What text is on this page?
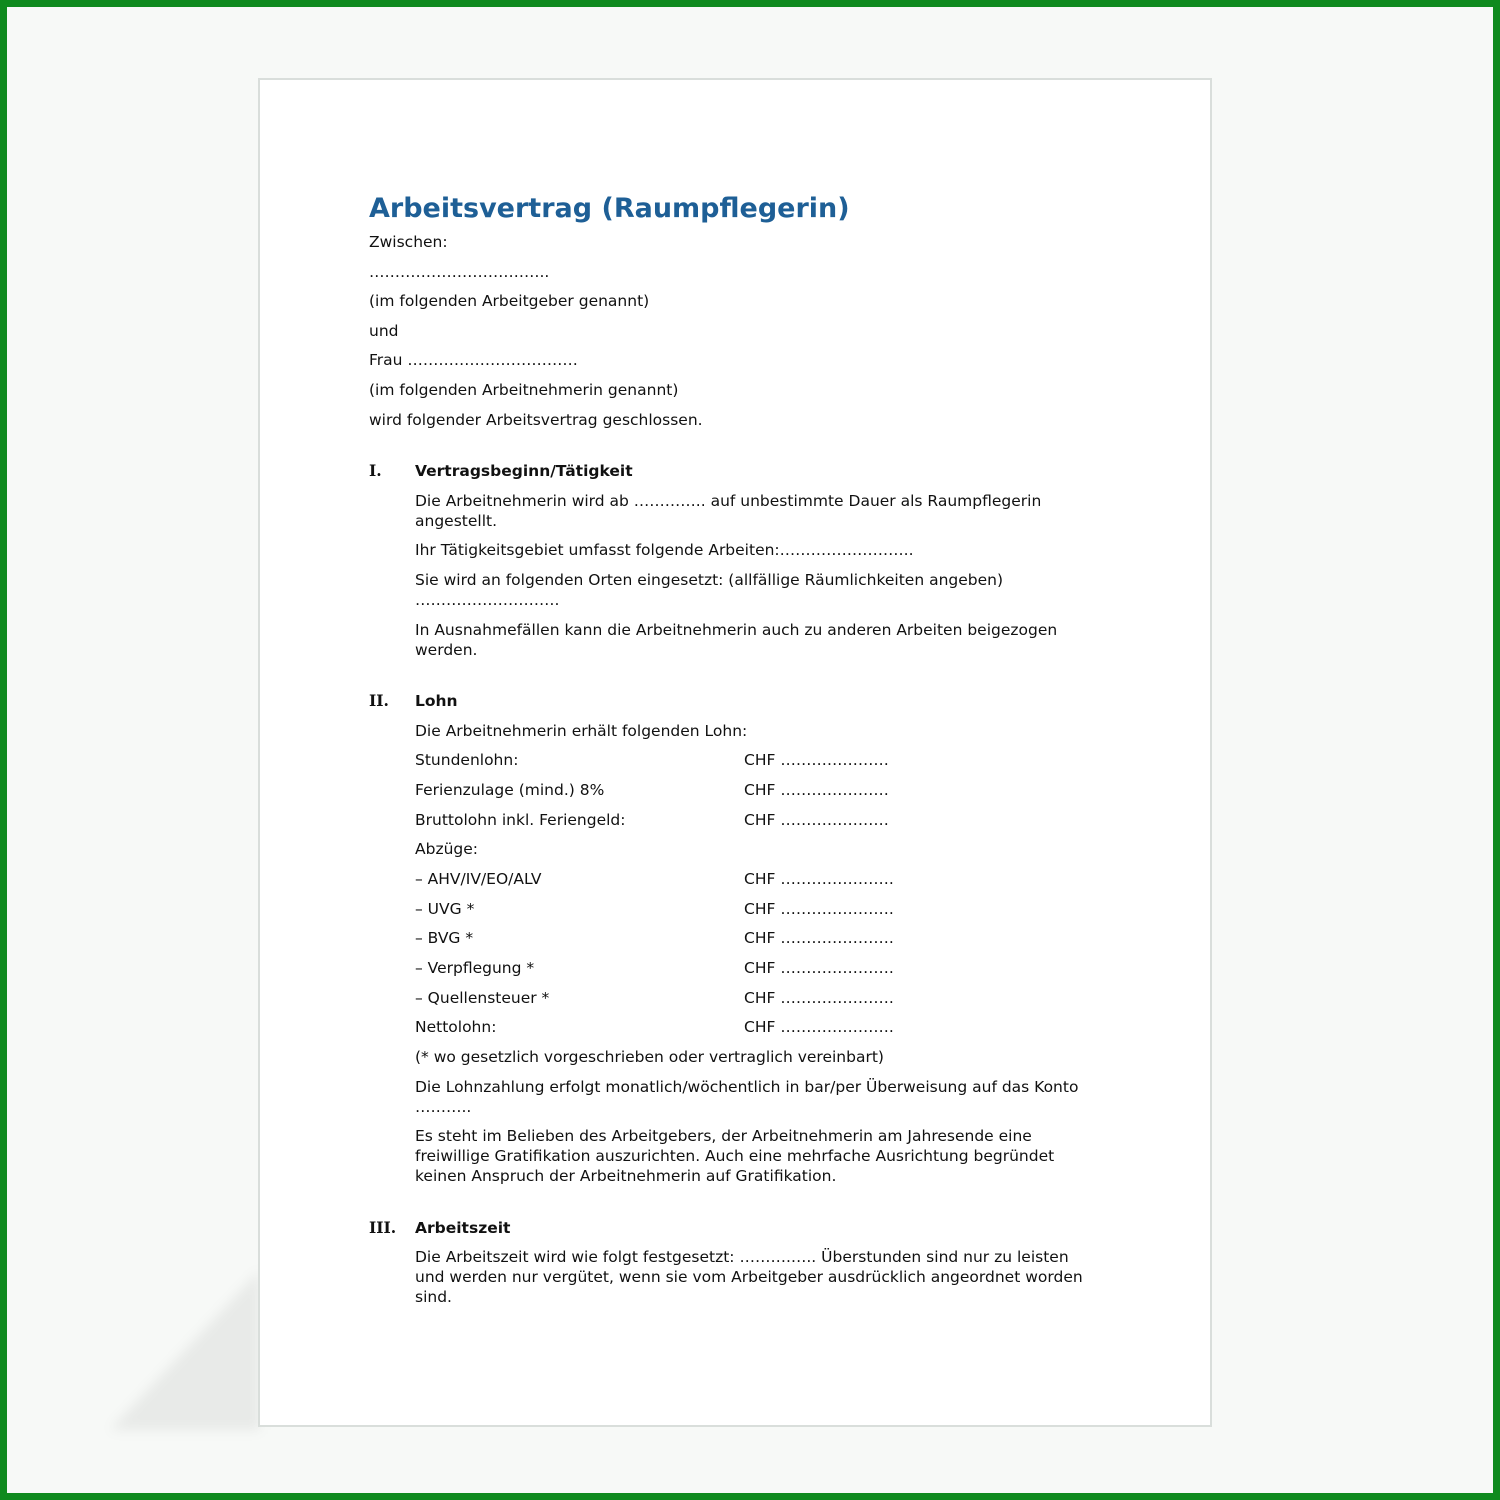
Arbeitsvertrag (Raumpflegerin)
Zwischen:
……………………………..
(im folgenden Arbeitgeber genannt)
und
Frau ……………………………
(im folgenden Arbeitnehmerin genannt)
wird folgender Arbeitsvertrag geschlossen.
I.	Vertragsbeginn/Tätigkeit
Die Arbeitnehmerin wird ab ………….. auf unbestimmte Dauer als Raumpflegerin angestellt.
Ihr Tätigkeitsgebiet umfasst folgende Arbeiten:……………………..
Sie wird an folgenden Orten eingesetzt: (allfällige Räumlichkeiten angeben) ……………………….
In Ausnahmefällen kann die Arbeitnehmerin auch zu anderen Arbeiten beigezogen werden.
II.	Lohn
Die Arbeitnehmerin erhält folgenden Lohn:
Stundenlohn:	CHF …………………
Ferienzulage (mind.) 8%	CHF …………………
Bruttolohn inkl. Feriengeld:	CHF …………………
Abzüge:
– AHV/IV/EO/ALV	CHF ………………….
– UVG *	CHF ………………….
– BVG *	CHF ………………….
– Verpflegung *	CHF ………………….
– Quellensteuer *	CHF ………………….
Nettolohn:	CHF ………………….
(* wo gesetzlich vorgeschrieben oder vertraglich vereinbart)
Die Lohnzahlung erfolgt monatlich/wöchentlich in bar/per Überweisung auf das Konto ………..
Es steht im Belieben des Arbeitgebers, der Arbeitnehmerin am Jahresende eine freiwillige Gratifikation auszurichten. Auch eine mehrfache Ausrichtung begründet keinen Anspruch der Arbeitnehmerin auf Gratifikation.
III.	Arbeitszeit
Die Arbeitszeit wird wie folgt festgesetzt: ……….….. Überstunden sind nur zu leisten und werden nur vergütet, wenn sie vom Arbeitgeber ausdrücklich angeordnet worden sind.
